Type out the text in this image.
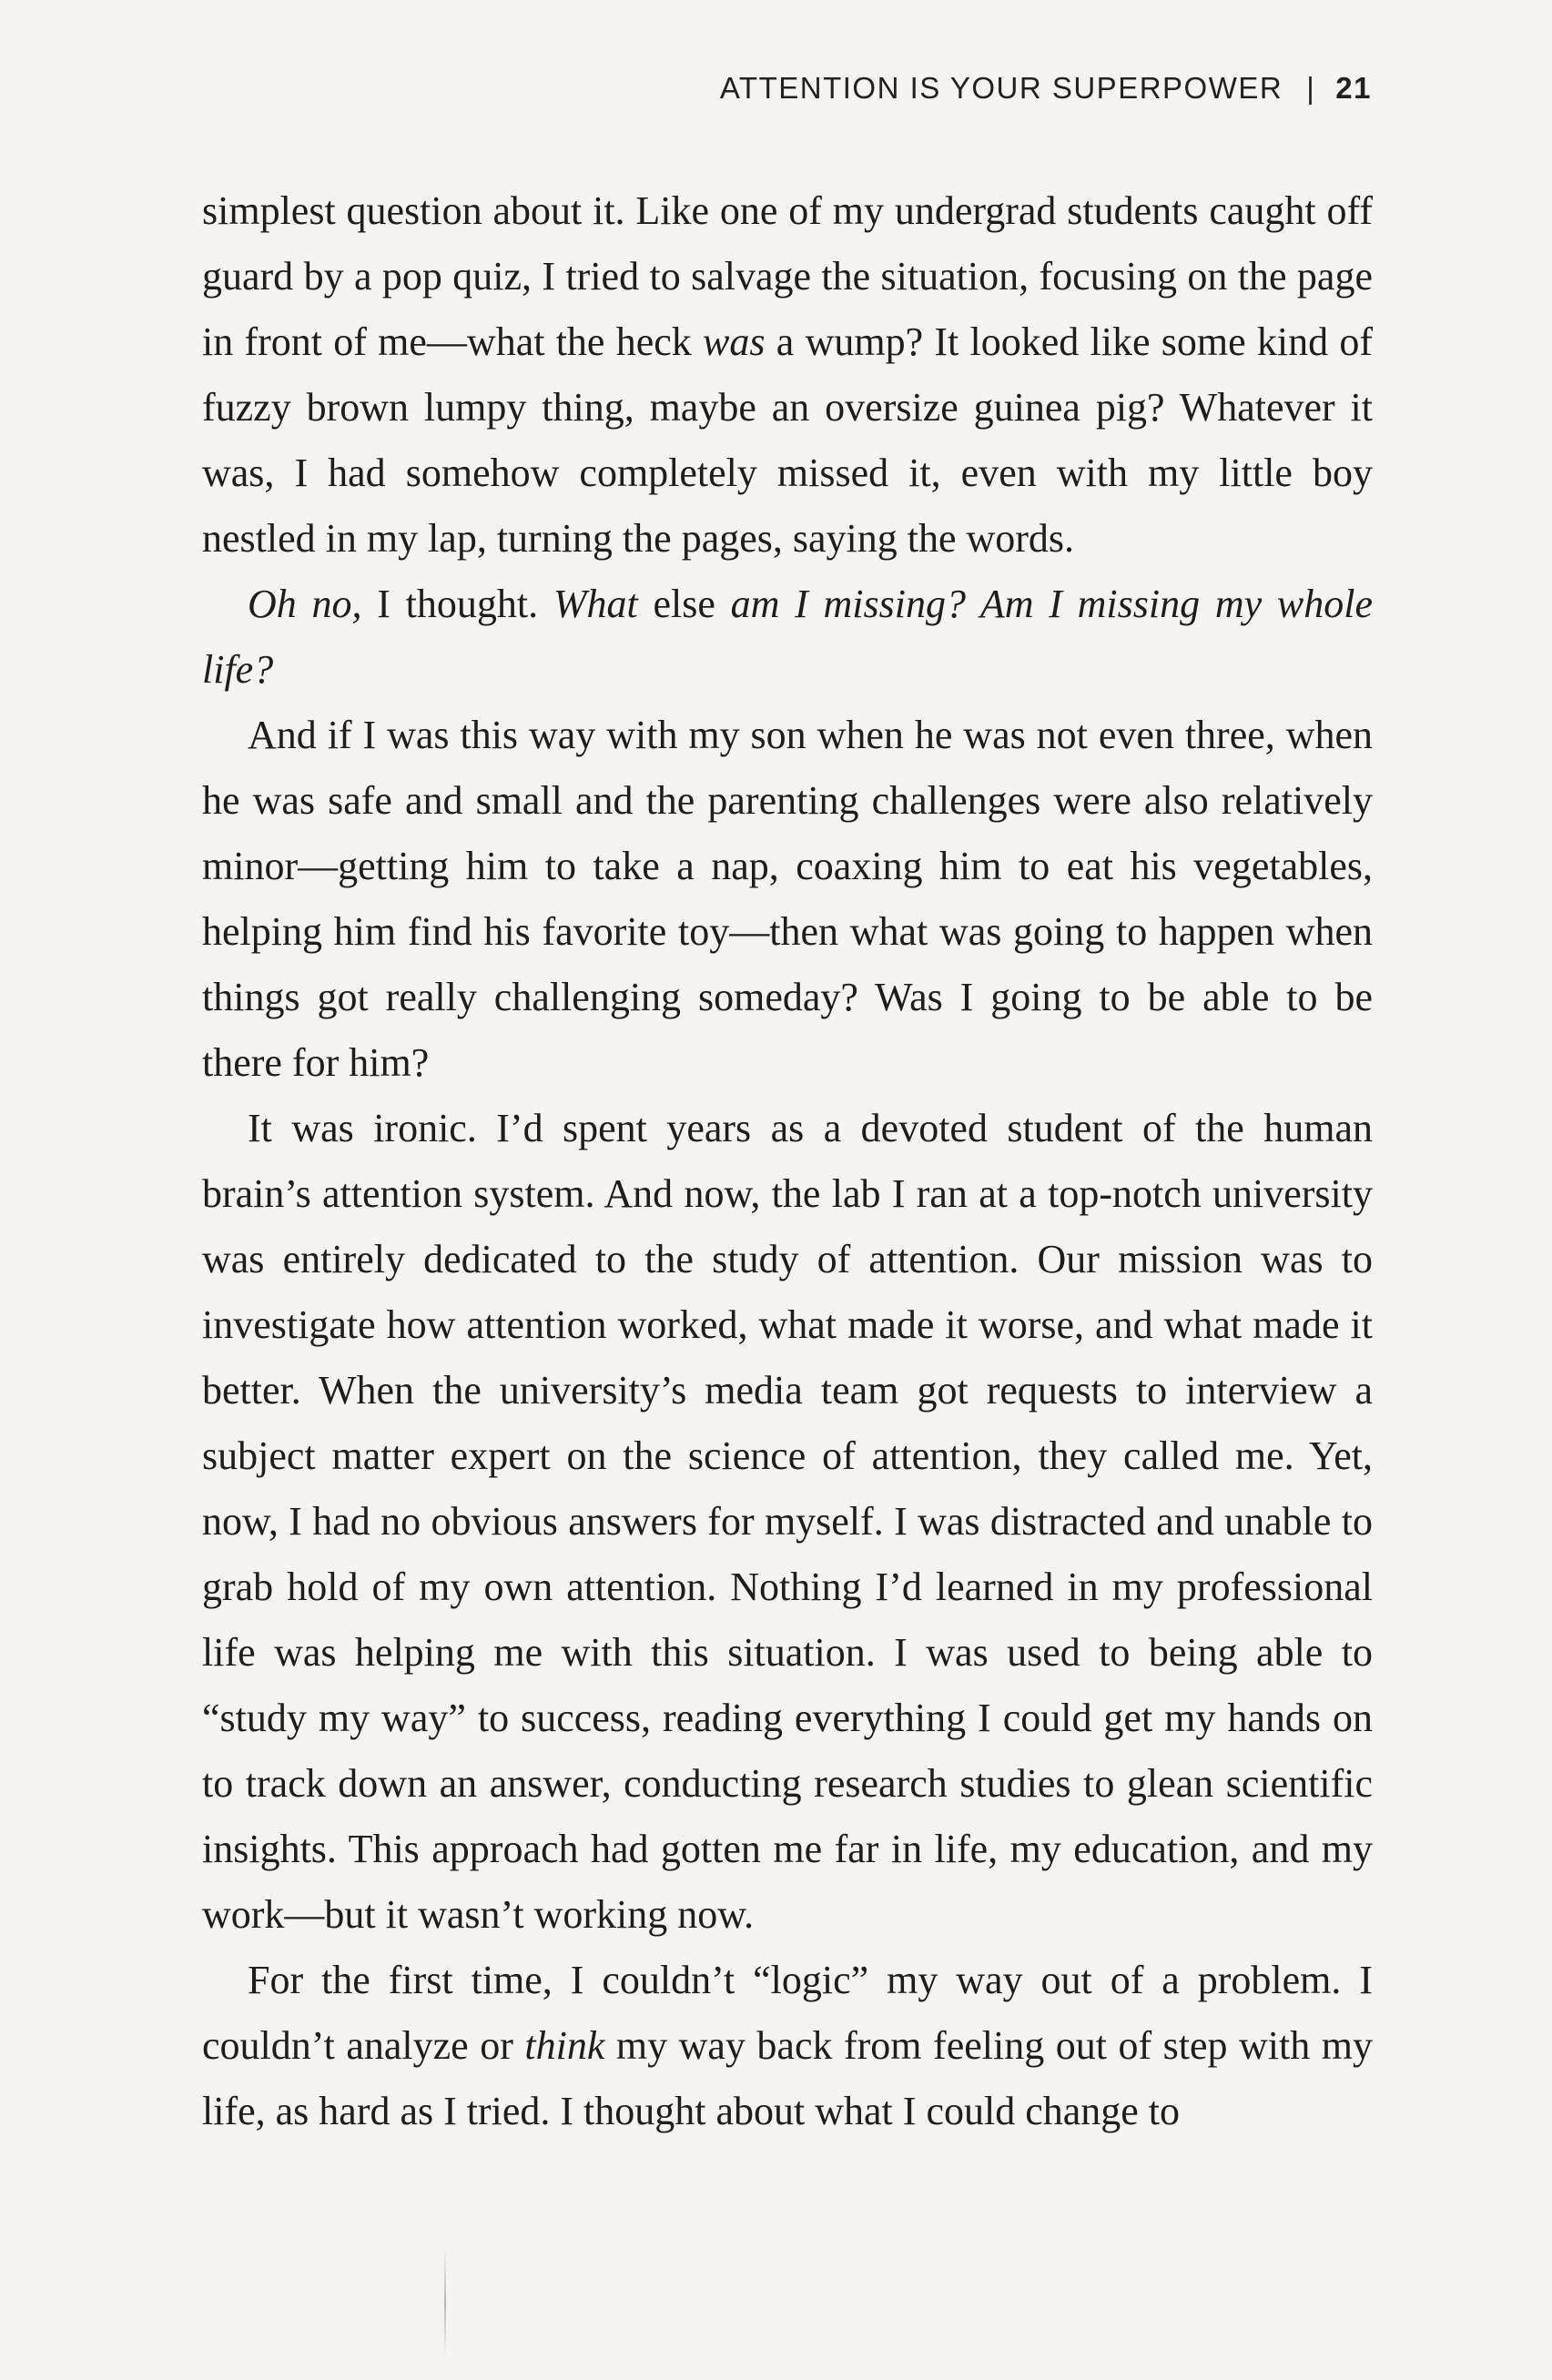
ATTENTION IS YOUR SUPERPOWER | 21

simplest question about it. Like one of my undergrad students caught off guard by a pop quiz, I tried to salvage the situation, focusing on the page in front of me—what the heck was a wump? It looked like some kind of fuzzy brown lumpy thing, maybe an oversize guinea pig? Whatever it was, I had somehow completely missed it, even with my little boy nestled in my lap, turning the pages, saying the words.

Oh no, I thought. What else am I missing? Am I missing my whole life?

And if I was this way with my son when he was not even three, when he was safe and small and the parenting challenges were also relatively minor—getting him to take a nap, coaxing him to eat his vegetables, helping him find his favorite toy—then what was going to happen when things got really challenging someday? Was I going to be able to be there for him?

It was ironic. I’d spent years as a devoted student of the human brain’s attention system. And now, the lab I ran at a top-notch university was entirely dedicated to the study of attention. Our mission was to investigate how attention worked, what made it worse, and what made it better. When the university’s media team got requests to interview a subject matter expert on the science of attention, they called me. Yet, now, I had no obvious answers for myself. I was distracted and unable to grab hold of my own attention. Nothing I’d learned in my professional life was helping me with this situation. I was used to being able to “study my way” to success, reading everything I could get my hands on to track down an answer, conducting research studies to glean scientific insights. This approach had gotten me far in life, my education, and my work—but it wasn’t working now.

For the first time, I couldn’t “logic” my way out of a problem. I couldn’t analyze or think my way back from feeling out of step with my life, as hard as I tried. I thought about what I could change to
